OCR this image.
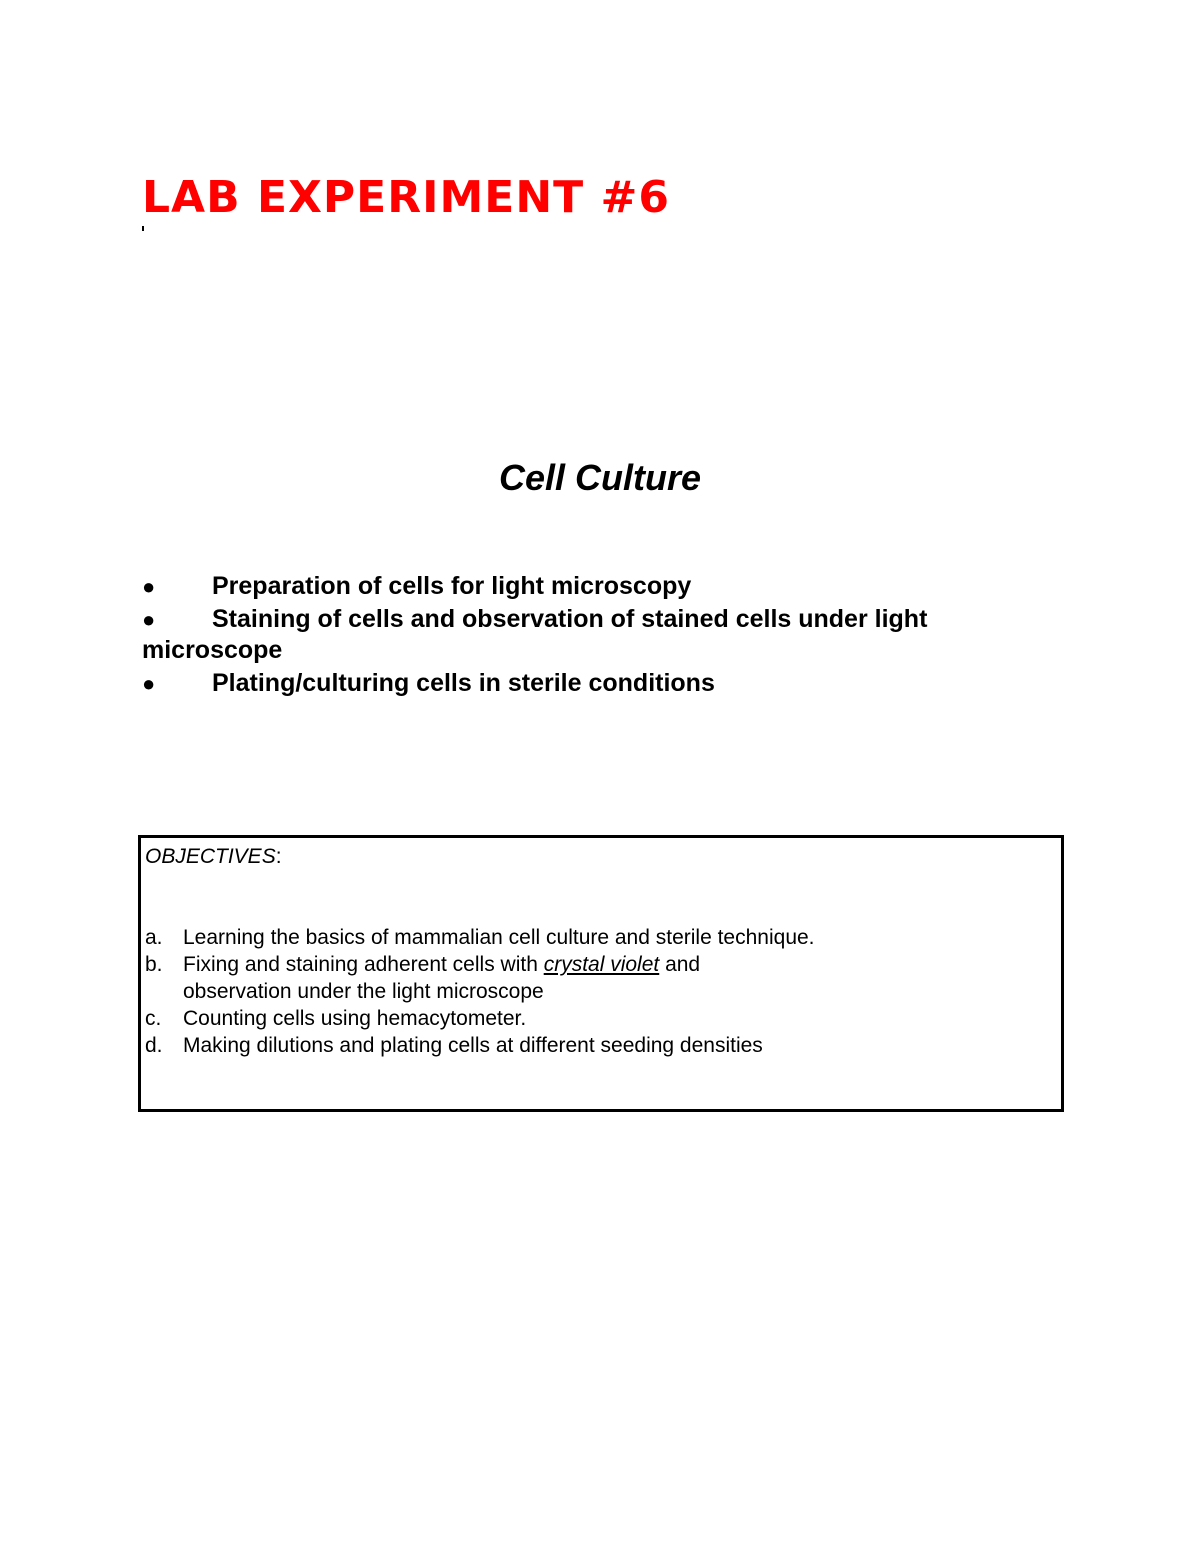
LAB EXPERIMENT #6
Cell Culture
● Preparation of cells for light microscopy
● Staining of cells and observation of stained cells under light microscope
● Plating/culturing cells in sterile conditions

OBJECTIVES:

a. Learning the basics of mammalian cell culture and sterile technique.
b. Fixing and staining adherent cells with crystal violet and
observation under the light microscope
c. Counting cells using hemacytometer.
d. Making dilutions and plating cells at different seeding densities
